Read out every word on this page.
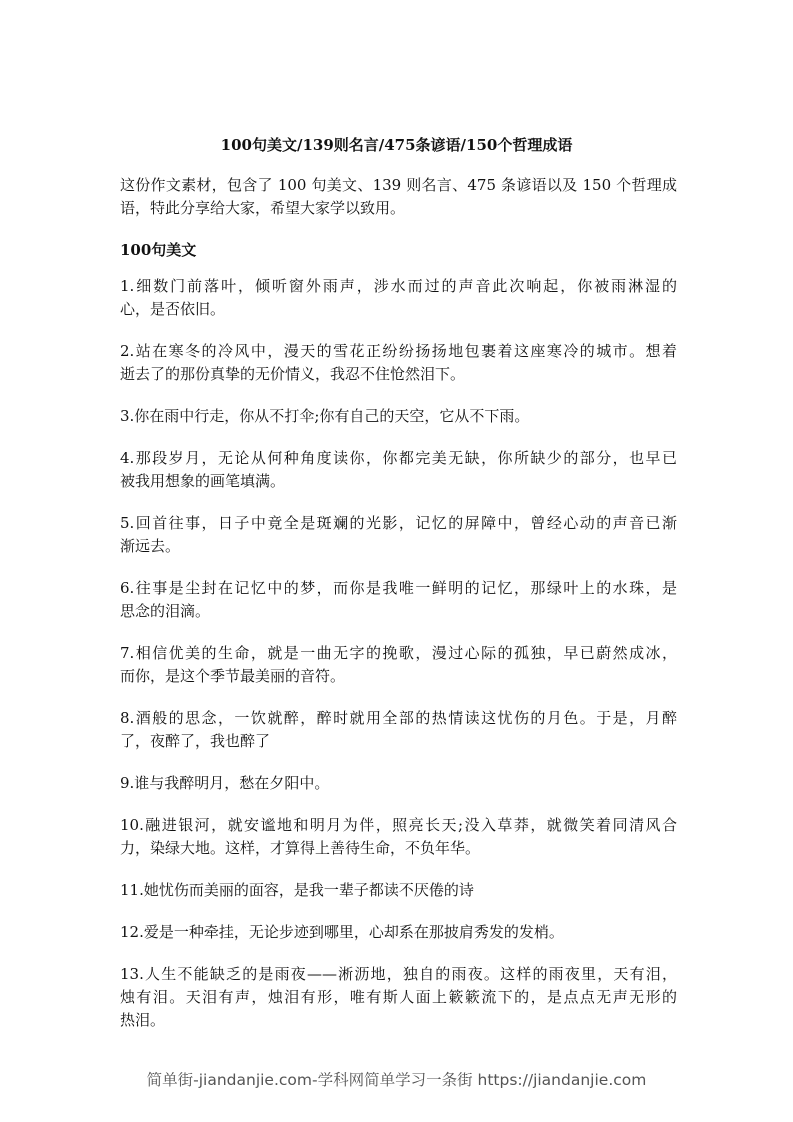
100句美文/139则名言/475条谚语/150个哲理成语
这份作文素材，包含了 100 句美文、139 则名言、475 条谚语以及 150 个哲理成
语，特此分享给大家，希望大家学以致用。
100句美文
1.细数门前落叶，倾听窗外雨声，涉水而过的声音此次响起，你被雨淋湿的
心，是否依旧。
2.站在寒冬的冷风中，漫天的雪花正纷纷扬扬地包裹着这座寒冷的城市。想着
逝去了的那份真挚的无价情义，我忍不住怆然泪下。
3.你在雨中行走，你从不打伞;你有自己的天空，它从不下雨。
4.那段岁月，无论从何种角度读你，你都完美无缺，你所缺少的部分，也早已
被我用想象的画笔填满。
5.回首往事，日子中竟全是斑斓的光影，记忆的屏障中，曾经心动的声音已渐
渐远去。
6.往事是尘封在记忆中的梦，而你是我唯一鲜明的记忆，那绿叶上的水珠，是
思念的泪滴。
7.相信优美的生命，就是一曲无字的挽歌，漫过心际的孤独，早已蔚然成冰，
而你，是这个季节最美丽的音符。
8.酒般的思念，一饮就醉，醉时就用全部的热情读这忧伤的月色。于是，月醉
了，夜醉了，我也醉了
9.谁与我醉明月，愁在夕阳中。
10.融进银河，就安谧地和明月为伴，照亮长天;没入草莽，就微笑着同清风合
力，染绿大地。这样，才算得上善待生命，不负年华。
11.她忧伤而美丽的面容，是我一辈子都读不厌倦的诗
12.爱是一种牵挂，无论步迹到哪里，心却系在那披肩秀发的发梢。
13.人生不能缺乏的是雨夜——淅沥地，独自的雨夜。这样的雨夜里，天有泪，
烛有泪。天泪有声，烛泪有形，唯有斯人面上簌簌流下的，是点点无声无形的
热泪。
简单街-jiandanjie.com-学科网简单学习一条街 https://jiandanjie.com
